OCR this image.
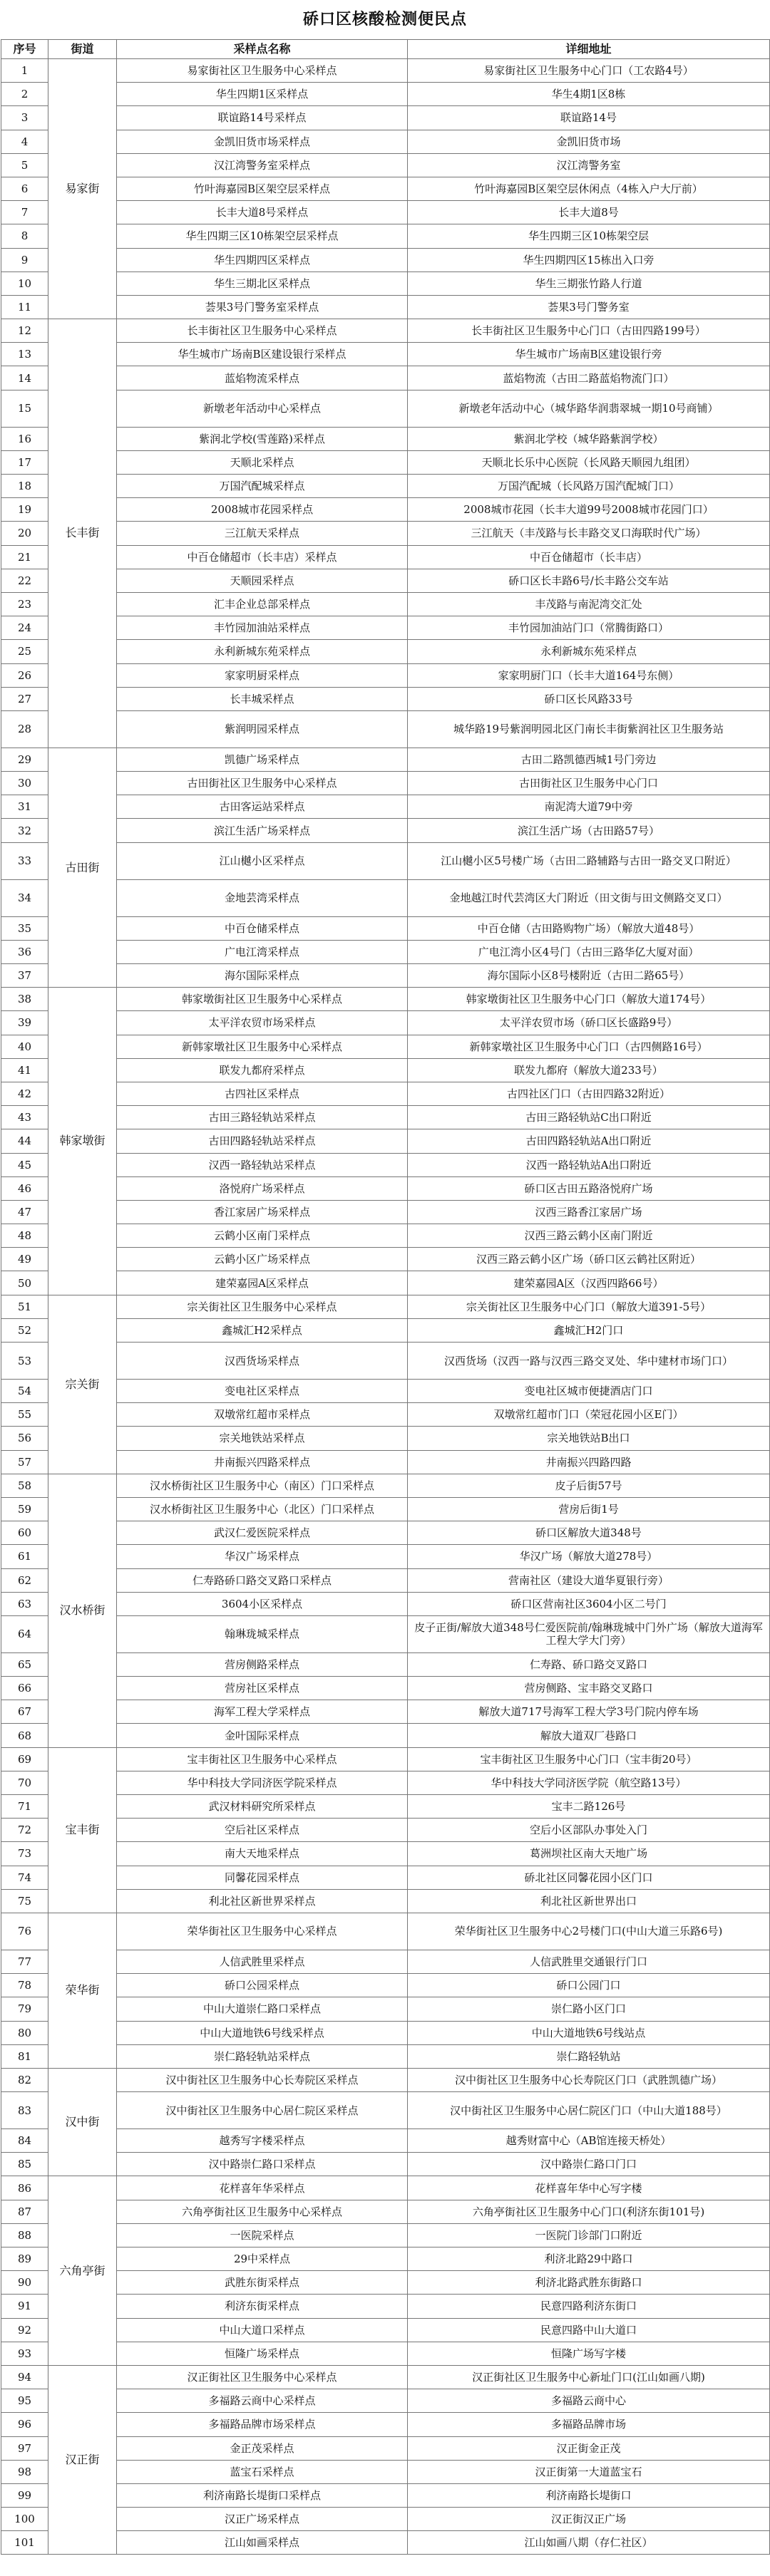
硚口区核酸检测便民点
序号	街道	采样点名称	详细地址
1	易家街	易家街社区卫生服务中心采样点	易家街社区卫生服务中心门口（工农路4号）
2		华生四期1区采样点	华生4期1区8栋
3		联谊路14号采样点	联谊路14号
4		金凯旧货市场采样点	金凯旧货市场
5		汉江湾警务室采样点	汉江湾警务室
6		竹叶海嘉园B区架空层采样点	竹叶海嘉园B区架空层休闲点（4栋入户大厅前）
7		长丰大道8号采样点	长丰大道8号
8		华生四期三区10栋架空层采样点	华生四期三区10栋架空层
9		华生四期四区采样点	华生四期四区15栋出入口旁
10		华生三期北区采样点	华生三期张竹路人行道
11		荟果3号门警务室采样点	荟果3号门警务室
12	长丰街	长丰街社区卫生服务中心采样点	长丰街社区卫生服务中心门口（古田四路199号）
13		华生城市广场南B区建设银行采样点	华生城市广场南B区建设银行旁
14		蓝焰物流采样点	蓝焰物流（古田二路蓝焰物流门口）
15		新墩老年活动中心采样点	新墩老年活动中心（城华路华润翡翠城一期10号商铺）
16		紫润北学校(雪莲路)采样点	紫润北学校（城华路紫润学校）
17		天顺北采样点	天顺北长乐中心医院（长风路天顺园九组团）
18		万国汽配城采样点	万国汽配城（长风路万国汽配城门口）
19		2008城市花园采样点	2008城市花园（长丰大道99号2008城市花园门口）
20		三江航天采样点	三江航天（丰茂路与长丰路交叉口海联时代广场）
21		中百仓储超市（长丰店）采样点	中百仓储超市（长丰店）
22		天顺园采样点	硚口区长丰路6号/长丰路公交车站
23		汇丰企业总部采样点	丰茂路与南泥湾交汇处
24		丰竹园加油站采样点	丰竹园加油站门口（常腾街路口）
25		永利新城东苑采样点	永利新城东苑采样点
26		家家明厨采样点	家家明厨门口（长丰大道164号东侧）
27		长丰城采样点	硚口区长风路33号
28		紫润明园采样点	城华路19号紫润明园北区门南长丰街紫润社区卫生服务站
29	古田街	凯德广场采样点	古田二路凯德西城1号门旁边
30		古田街社区卫生服务中心采样点	古田街社区卫生服务中心门口
31		古田客运站采样点	南泥湾大道79中旁
32		滨江生活广场采样点	滨江生活广场（古田路57号）
33		江山樾小区采样点	江山樾小区5号楼广场（古田二路辅路与古田一路交叉口附近）
34		金地芸湾采样点	金地越江时代芸湾区大门附近（田文街与田文侧路交叉口）
35		中百仓储采样点	中百仓储（古田路购物广场）（解放大道48号）
36		广电江湾采样点	广电江湾小区4号门（古田三路华亿大厦对面）
37		海尔国际采样点	海尔国际小区8号楼附近（古田二路65号）
38	韩家墩街	韩家墩街社区卫生服务中心采样点	韩家墩街社区卫生服务中心门口（解放大道174号）
39		太平洋农贸市场采样点	太平洋农贸市场（硚口区长盛路9号）
40		新韩家墩社区卫生服务中心采样点	新韩家墩社区卫生服务中心门口（古四侧路16号）
41		联发九都府采样点	联发九都府（解放大道233号）
42		古四社区采样点	古四社区门口（古田四路32附近）
43		古田三路轻轨站采样点	古田三路轻轨站C出口附近
44		古田四路轻轨站采样点	古田四路轻轨站A出口附近
45		汉西一路轻轨站采样点	汉西一路轻轨站A出口附近
46		洛悦府广场采样点	硚口区古田五路洛悦府广场
47		香江家居广场采样点	汉西三路香江家居广场
48		云鹤小区南门采样点	汉西三路云鹤小区南门附近
49		云鹤小区广场采样点	汉西三路云鹤小区广场（硚口区云鹤社区附近）
50		建荣嘉园A区采样点	建荣嘉园A区（汉西四路66号）
51	宗关街	宗关街社区卫生服务中心采样点	宗关街社区卫生服务中心门口（解放大道391-5号）
52		鑫城汇H2采样点	鑫城汇H2门口
53		汉西货场采样点	汉西货场（汉西一路与汉西三路交叉处、华中建材市场门口）
54		变电社区采样点	变电社区城市便捷酒店门口
55		双墩常红超市采样点	双墩常红超市门口（荣冠花园小区E门）
56		宗关地铁站采样点	宗关地铁站B出口
57		井南振兴四路采样点	井南振兴四路四路
58	汉水桥街	汉水桥街社区卫生服务中心（南区）门口采样点	皮子后街57号
59		汉水桥街社区卫生服务中心（北区）门口采样点	营房后街1号
60		武汉仁爱医院采样点	硚口区解放大道348号
61		华汉广场采样点	华汉广场（解放大道278号）
62		仁寿路硚口路交叉路口采样点	营南社区（建设大道华夏银行旁）
63		3604小区采样点	硚口区营南社区3604小区二号门
64		翰琳珑城采样点	皮子正街/解放大道348号仁爱医院前/翰琳珑城中门外广场（解放大道海军工程大学大门旁）
65		营房侧路采样点	仁寿路、硚口路交叉路口
66		营房社区采样点	营房侧路、宝丰路交叉路口
67		海军工程大学采样点	解放大道717号海军工程大学3号门院内停车场
68		金叶国际采样点	解放大道双厂巷路口
69	宝丰街	宝丰街社区卫生服务中心采样点	宝丰街社区卫生服务中心门口（宝丰街20号）
70		华中科技大学同济医学院采样点	华中科技大学同济医学院（航空路13号）
71		武汉材料研究所采样点	宝丰二路126号
72		空后社区采样点	空后小区部队办事处入门
73		南大天地采样点	葛洲坝社区南大天地广场
74		同馨花园采样点	硚北社区同馨花园小区门口
75		利北社区新世界采样点	利北社区新世界出口
76	荣华街	荣华街社区卫生服务中心采样点	荣华街社区卫生服务中心2号楼门口(中山大道三乐路6号)
77		人信武胜里采样点	人信武胜里交通银行门口
78		硚口公园采样点	硚口公园门口
79		中山大道崇仁路口采样点	崇仁路小区门口
80		中山大道地铁6号线采样点	中山大道地铁6号线站点
81		崇仁路轻轨站采样点	崇仁路轻轨站
82	汉中街	汉中街社区卫生服务中心长寿院区采样点	汉中街社区卫生服务中心长寿院区门口（武胜凯德广场）
83		汉中街社区卫生服务中心居仁院区采样点	汉中街社区卫生服务中心居仁院区门口（中山大道188号）
84		越秀写字楼采样点	越秀财富中心（AB馆连接天桥处）
85		汉中路崇仁路口采样点	汉中路崇仁路口门口
86	六角亭街	花样喜年华采样点	花样喜年华中心写字楼
87		六角亭街社区卫生服务中心采样点	六角亭街社区卫生服务中心门口(利济东街101号)
88		一医院采样点	一医院门诊部门口附近
89		29中采样点	利济北路29中路口
90		武胜东街采样点	利济北路武胜东街路口
91		利济东街采样点	民意四路利济东街口
92		中山大道口采样点	民意四路中山大道口
93		恒隆广场采样点	恒隆广场写字楼
94	汉正街	汉正街社区卫生服务中心采样点	汉正街社区卫生服务中心新址门口(江山如画八期)
95		多福路云商中心采样点	多福路云商中心
96		多福路品牌市场采样点	多福路品牌市场
97		金正茂采样点	汉正街金正茂
98		蓝宝石采样点	汉正街第一大道蓝宝石
99		利济南路长堤街口采样点	利济南路长堤街口
100		汉正广场采样点	汉正街汉正广场
101		江山如画采样点	江山如画八期（存仁社区）
